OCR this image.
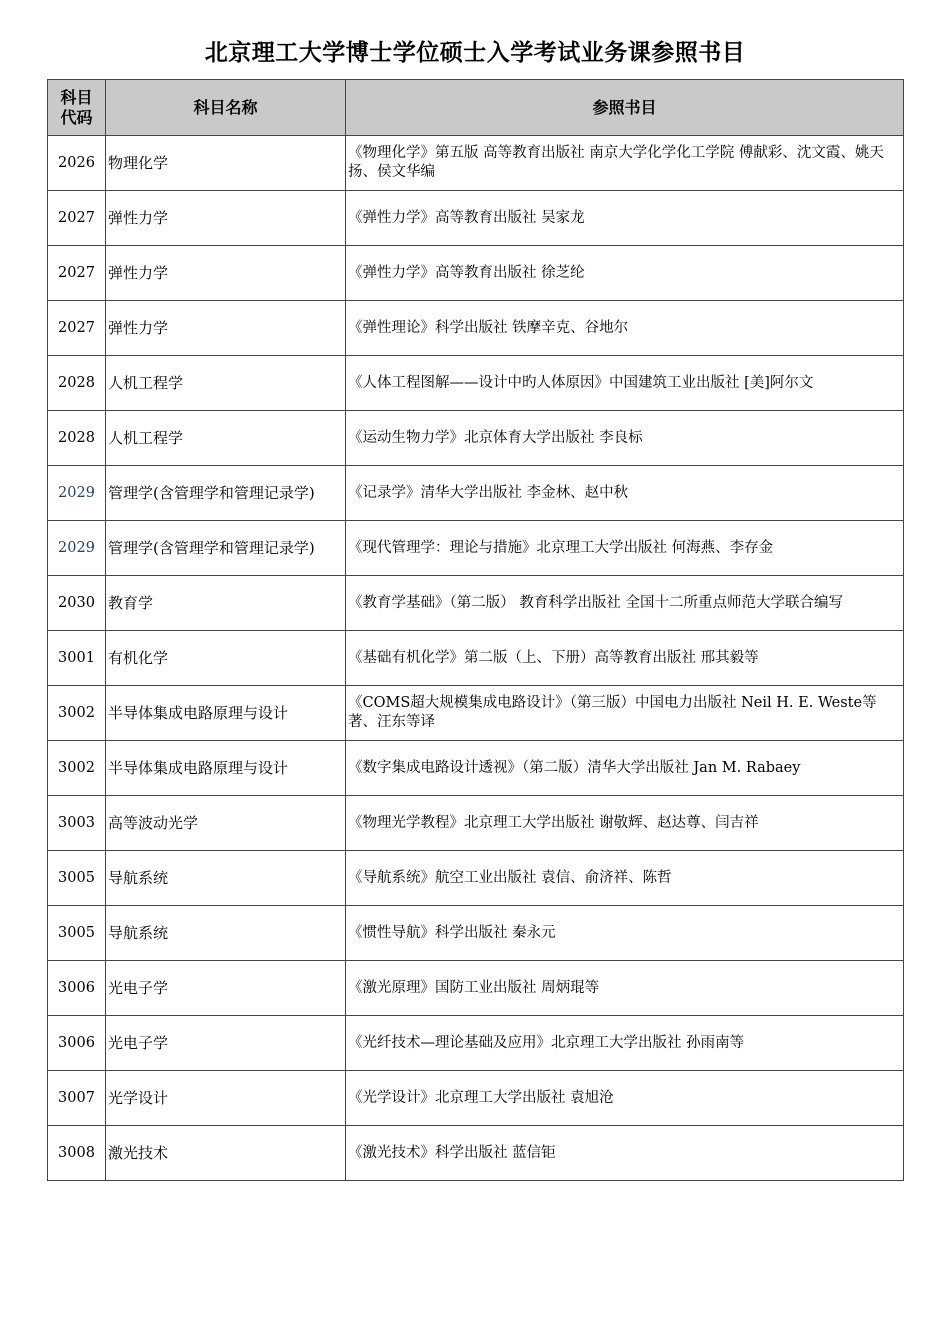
北京理工大学博士学位硕士入学考试业务课参照书目
科目
代码	科目名称	参照书目
2026	物理化学	《物理化学》第五版 高等教育出版社 南京大学化学化工学院 傅献彩、沈文霞、姚天扬、侯文华编
2027	弹性力学	《弹性力学》高等教育出版社 吴家龙
2027	弹性力学	《弹性力学》高等教育出版社 徐芝纶
2027	弹性力学	《弹性理论》科学出版社 铁摩辛克、谷地尔
2028	人机工程学	《人体工程图解——设计中旳人体原因》中国建筑工业出版社 [美]阿尔文
2028	人机工程学	《运动生物力学》北京体育大学出版社 李良标
2029	管理学(含管理学和管理记录学)	《记录学》清华大学出版社 李金林、赵中秋
2029	管理学(含管理学和管理记录学)	《现代管理学：理论与措施》北京理工大学出版社 何海燕、李存金
2030	教育学	《教育学基础》（第二版） 教育科学出版社 全国十二所重点师范大学联合编写
3001	有机化学	《基础有机化学》第二版（上、下册）高等教育出版社 邢其毅等
3002	半导体集成电路原理与设计	《COMS超大规模集成电路设计》（第三版）中国电力出版社 Neil H. E. Weste等著、汪东等译
3002	半导体集成电路原理与设计	《数字集成电路设计透视》（第二版）清华大学出版社 Jan M. Rabaey
3003	高等波动光学	《物理光学教程》北京理工大学出版社 谢敬辉、赵达尊、闫吉祥
3005	导航系统	《导航系统》航空工业出版社 袁信、俞济祥、陈哲
3005	导航系统	《惯性导航》科学出版社 秦永元
3006	光电子学	《激光原理》国防工业出版社 周炳琨等
3006	光电子学	《光纤技术—理论基础及应用》北京理工大学出版社 孙雨南等
3007	光学设计	《光学设计》北京理工大学出版社 袁旭沧
3008	激光技术	《激光技术》科学出版社 蓝信钜
